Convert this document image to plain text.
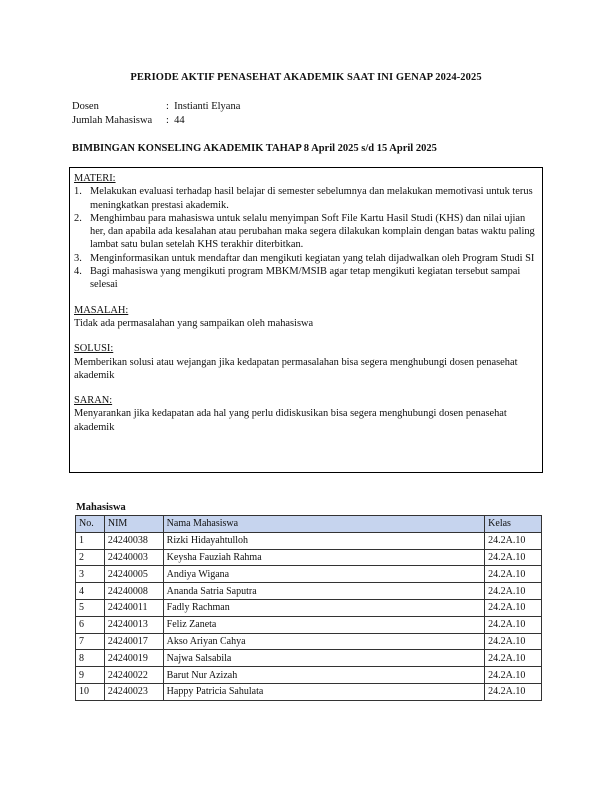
PERIODE AKTIF PENASEHAT AKADEMIK SAAT INI GENAP 2024-2025
Dosen	: Instianti Elyana
Jumlah Mahasiswa : 44
BIMBINGAN KONSELING AKADEMIK TAHAP 8 April 2025 s/d 15 April 2025
MATERI:
1. Melakukan evaluasi terhadap hasil belajar di semester sebelumnya dan melakukan memotivasi untuk terus meningkatkan prestasi akademik.
2. Menghimbau para mahasiswa untuk selalu menyimpan Soft File Kartu Hasil Studi (KHS) dan nilai ujian her, dan apabila ada kesalahan atau perubahan maka segera dilakukan komplain dengan batas waktu paling lambat satu bulan setelah KHS terakhir diterbitkan.
3. Menginformasikan untuk mendaftar dan mengikuti kegiatan yang telah dijadwalkan oleh Program Studi SI
4. Bagi mahasiswa yang mengikuti program MBKM/MSIB agar tetap mengikuti kegiatan tersebut sampai selesai
MASALAH:
Tidak ada permasalahan yang sampaikan oleh mahasiswa
SOLUSI:
Memberikan solusi atau wejangan jika kedapatan permasalahan bisa segera menghubungi dosen penasehat akademik
SARAN:
Menyarankan jika kedapatan ada hal yang perlu didiskusikan bisa segera menghubungi dosen penasehat akademik
Mahasiswa
No.	NIM	Nama Mahasiswa	Kelas
1	24240038	Rizki Hidayahtulloh	24.2A.10
2	24240003	Keysha Fauziah Rahma	24.2A.10
3	24240005	Andiya Wigana	24.2A.10
4	24240008	Ananda Satria Saputra	24.2A.10
5	24240011	Fadly Rachman	24.2A.10
6	24240013	Feliz Zaneta	24.2A.10
7	24240017	Akso Ariyan Cahya	24.2A.10
8	24240019	Najwa Salsabila	24.2A.10
9	24240022	Barut Nur Azizah	24.2A.10
10	24240023	Happy Patricia Sahulata	24.2A.10
